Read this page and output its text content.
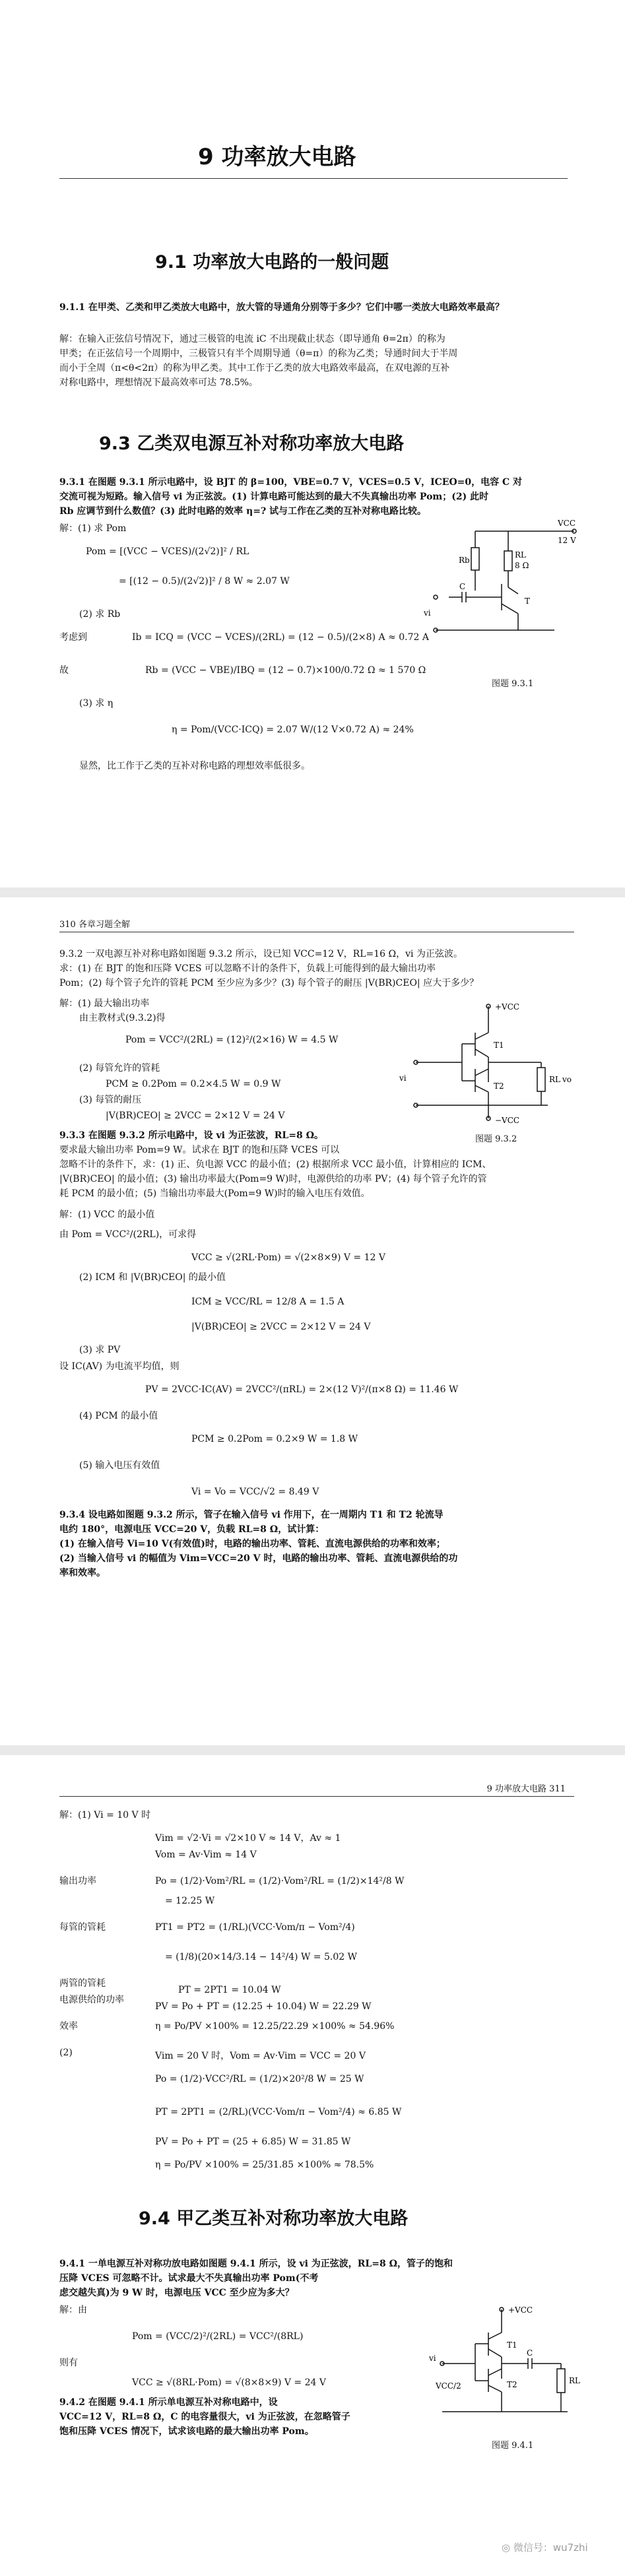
9 功率放大电路
9.1 功率放大电路的一般问题
9.1.1 在甲类、乙类和甲乙类放大电路中，放大管的导通角分别等于多少？它们中哪一类放大电路效率最高？
解：在输入正弦信号情况下，通过三极管的电流 iC 不出现截止状态（即导通角 θ=2π）的称为
甲类；在正弦信号一个周期中，三极管只有半个周期导通（θ=π）的称为乙类；导通时间大于半周
而小于全周（π<θ<2π）的称为甲乙类。其中工作于乙类的放大电路效率最高，在双电源的互补
对称电路中，理想情况下最高效率可达 78.5%。
9.3 乙类双电源互补对称功率放大电路
9.3.1 在图题 9.3.1 所示电路中，设 BJT 的 β=100，VBE=0.7 V，VCES=0.5 V，ICEO=0，电容 C 对
交流可视为短路。输入信号 vi 为正弦波。(1) 计算电路可能达到的最大不失真输出功率 Pom；(2) 此时
Rb 应调节到什么数值？(3) 此时电路的效率 η=? 试与工作在乙类的互补对称电路比较。
解：(1) 求 Pom
Pom = [(VCC − VCES)/(2√2)]² / RL
= [(12 − 0.5)/(2√2)]² / 8 W ≈ 2.07 W
(2) 求 Rb
考虑到	Ib = ICQ = (VCC − VCES)/(2RL) = (12 − 0.5)/(2×8) A ≈ 0.72 A
故	Rb = (VCC − VBE)/IBQ = (12 − 0.7)×100/0.72 Ω ≈ 1 570 Ω
(3) 求 η
η = Pom/(VCC·ICQ) = 2.07 W/(12 V×0.72 A) ≈ 24%
显然，比工作于乙类的互补对称电路的理想效率低很多。
VCC
12 V
RL
8 Ω
Rb
C
T
vi
图题 9.3.1
310 各章习题全解
9.3.2 一双电源互补对称电路如图题 9.3.2 所示，设已知 VCC=12 V，RL=16 Ω，vi 为正弦波。
求：(1) 在 BJT 的饱和压降 VCES 可以忽略不计的条件下，负载上可能得到的最大输出功率
Pom；(2) 每个管子允许的管耗 PCM 至少应为多少？(3) 每个管子的耐压 |V(BR)CEO| 应大于多少？
解：(1) 最大输出功率
由主教材式(9.3.2)得
Pom = VCC²/(2RL) = (12)²/(2×16) W = 4.5 W
(2) 每管允许的管耗
PCM ≥ 0.2Pom = 0.2×4.5 W = 0.9 W
(3) 每管的耐压
|V(BR)CEO| ≥ 2VCC = 2×12 V = 24 V
9.3.3 在图题 9.3.2 所示电路中，设 vi 为正弦波，RL=8 Ω。
要求最大输出功率 Pom=9 W。试求在 BJT 的饱和压降 VCES 可以
忽略不计的条件下，求：(1) 正、负电源 VCC 的最小值；(2) 根据所求 VCC 最小值，计算相应的 ICM、
|V(BR)CEO| 的最小值；(3) 输出功率最大(Pom=9 W)时，电源供给的功率 PV；(4) 每个管子允许的管
耗 PCM 的最小值；(5) 当输出功率最大(Pom=9 W)时的输入电压有效值。
解：(1) VCC 的最小值
由 Pom = VCC²/(2RL)，可求得
VCC ≥ √(2RL·Pom) = √(2×8×9) V = 12 V
(2) ICM 和 |V(BR)CEO| 的最小值
ICM ≥ VCC/RL = 12/8 A = 1.5 A
|V(BR)CEO| ≥ 2VCC = 2×12 V = 24 V
(3) 求 PV
设 IC(AV) 为电流平均值，则
PV = 2VCC·IC(AV) = 2VCC²/(πRL) = 2×(12 V)²/(π×8 Ω) = 11.46 W
(4) PCM 的最小值
PCM ≥ 0.2Pom = 0.2×9 W = 1.8 W
(5) 输入电压有效值
Vi = Vo = VCC/√2 = 8.49 V
9.3.4 设电路如图题 9.3.2 所示，管子在输入信号 vi 作用下，在一周期内 T1 和 T2 轮流导
电约 180°，电源电压 VCC=20 V，负载 RL=8 Ω，试计算：
(1) 在输入信号 Vi=10 V(有效值)时，电路的输出功率、管耗、直流电源供给的功率和效率；
(2) 当输入信号 vi 的幅值为 Vim=VCC=20 V 时，电路的输出功率、管耗、直流电源供给的功
率和效率。
+VCC
−VCC
T1
T2
RL
vi	vo
图题 9.3.2
9 功率放大电路 311
解：(1) Vi = 10 V 时
Vim = √2·Vi = √2×10 V ≈ 14 V，Av ≈ 1
Vom = Av·Vim ≈ 14 V
输出功率	Po = (1/2)·Vom²/RL = (1/2)·Vom²/RL = (1/2)×14²/8 W
= 12.25 W
每管的管耗	PT1 = PT2 = (1/RL)(VCC·Vom/π − Vom²/4)
= (1/8)(20×14/3.14 − 14²/4) W = 5.02 W
两管的管耗
PT = 2PT1 = 10.04 W
电源供给的功率
PV = Po + PT = (12.25 + 10.04) W = 22.29 W
效率	η = Po/PV ×100% = 12.25/22.29 ×100% ≈ 54.96%
(2)	Vim = 20 V 时，Vom = Av·Vim = VCC = 20 V
Po = (1/2)·VCC²/RL = (1/2)×20²/8 W = 25 W
PT = 2PT1 = (2/RL)(VCC·Vom/π − Vom²/4) ≈ 6.85 W
PV = Po + PT = (25 + 6.85) W = 31.85 W
η = Po/PV ×100% = 25/31.85 ×100% ≈ 78.5%
9.4 甲乙类互补对称功率放大电路
9.4.1 一单电源互补对称功放电路如图题 9.4.1 所示，设 vi 为正弦波，RL=8 Ω，管子的饱和
压降 VCES 可忽略不计。试求最大不失真输出功率 Pom(不考
虑交越失真)为 9 W 时，电源电压 VCC 至少应为多大？
解：由
Pom = (VCC/2)²/(2RL) = VCC²/(8RL)
则有
VCC ≥ √(8RL·Pom) = √(8×8×9) V = 24 V
9.4.2 在图题 9.4.1 所示单电源互补对称电路中，设
VCC=12 V，RL=8 Ω，C 的电容量很大，vi 为正弦波，在忽略管子
饱和压降 VCES 情况下，试求该电路的最大输出功率 Pom。
+VCC
VCC/2
T1
T2
C
RL
vi
图题 9.4.1
◎ 微信号：wu7zhi
